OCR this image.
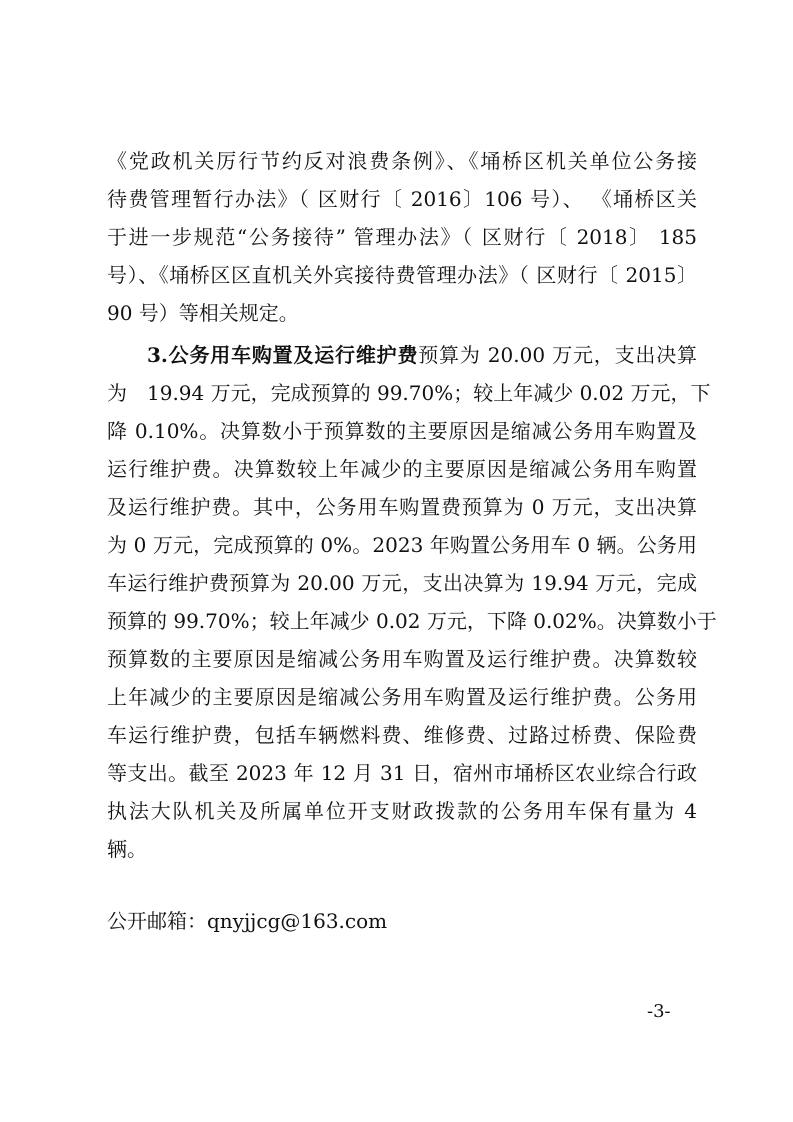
《党政机关厉行节约反对浪费条例》、《埇桥区机关单位公务接
待费管理暂行办法》（ 区财行〔 2016〕106 号）、 《埇桥区关
于进一步规范“公务接待” 管理办法》（ 区财行〔 2018〕 185
号）、《埇桥区区直机关外宾接待费管理办法》（ 区财行〔 2015〕
90 号）等相关规定。
3.公务用车购置及运行维护费预算为 20.00 万元，支出决算
为　19.94 万元，完成预算的 99.70%；较上年减少 0.02 万元，下
降 0.10%。决算数小于预算数的主要原因是缩减公务用车购置及
运行维护费。决算数较上年减少的主要原因是缩减公务用车购置
及运行维护费。其中，公务用车购置费预算为 0 万元，支出决算
为 0 万元，完成预算的 0%。2023 年购置公务用车 0 辆。公务用
车运行维护费预算为 20.00 万元，支出决算为 19.94 万元，完成
预算的 99.70%；较上年减少 0.02 万元，下降 0.02%。决算数小于
预算数的主要原因是缩减公务用车购置及运行维护费。决算数较
上年减少的主要原因是缩减公务用车购置及运行维护费。公务用
车运行维护费，包括车辆燃料费、维修费、过路过桥费、保险费
等支出。截至 2023 年 12 月 31 日，宿州市埇桥区农业综合行政
执法大队机关及所属单位开支财政拨款的公务用车保有量为 4
辆。
公开邮箱：qnyjjcg@163.com
-3-
